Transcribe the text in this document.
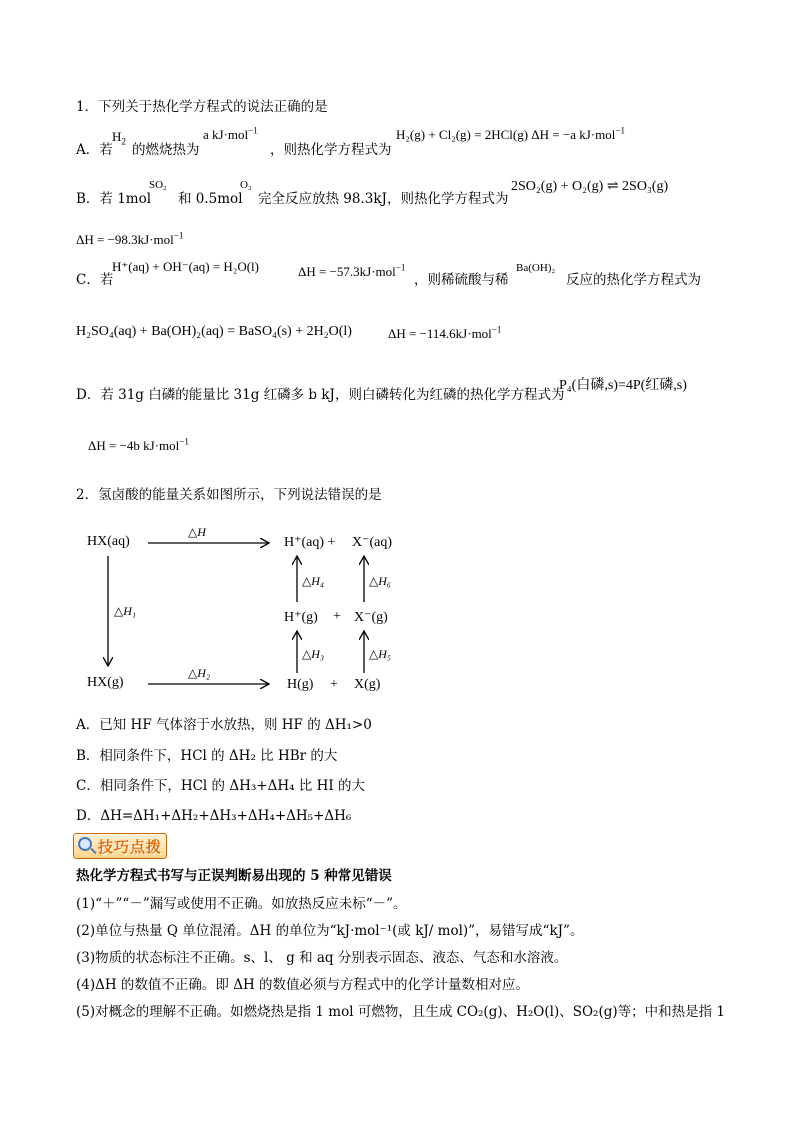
1．下列关于热化学方程式的说法正确的是
A．若
$H_2$
的燃烧热为
a kJ·mol$^{-1}$
，则热化学方程式为
H₂(g) + Cl₂(g) = 2HCl(g) ΔH = −a kJ·mol$^{-1}$
B．若 1mol
SO₂
和 0.5mol
O₂
完全反应放热 98.3kJ，则热化学方程式为
2SO₂(g) + O₂(g) ⇌ 2SO₃(g)
ΔH = −98.3kJ·mol$^{-1}$
C．若
H⁺(aq) + OH⁻(aq) = H₂O(l)	ΔH = −57.3kJ·mol$^{-1}$
，则稀硫酸与稀
Ba(OH)₂
反应的热化学方程式为
H₂SO₄(aq) + Ba(OH)₂(aq) = BaSO₄(s) + 2H₂O(l)	ΔH = −114.6kJ·mol$^{-1}$
D．若 31g 白磷的能量比 31g 红磷多 b kJ，则白磷转化为红磷的热化学方程式为
P₄(白磷,s)=4P(红磷,s)
ΔH = −4b kJ·mol$^{-1}$
2．氢卤酸的能量关系如图所示，下列说法错误的是
HX(aq)
HX(g)
H⁺(aq) + X⁻(aq)
H⁺(g) + X⁻(g)
H(g) + X(g)
△H
△H₁
△H₂
△H₃
△H₄
△H₅
△H₆
A．已知 HF 气体溶于水放热，则 HF 的 ΔH₁>0
B．相同条件下，HCl 的 ΔH₂ 比 HBr 的大
C．相同条件下，HCl 的 ΔH₃+ΔH₄ 比 HI 的大
D．ΔH=ΔH₁+ΔH₂+ΔH₃+ΔH₄+ΔH₅+ΔH₆
技巧点拨
热化学方程式书写与正误判断易出现的 5 种常见错误
(1)“＋”“－”漏写或使用不正确。如放热反应未标“－”。
(2)单位与热量 Q 单位混淆。ΔH 的单位为“kJ·mol⁻¹(或 kJ/ mol)”，易错写成“kJ”。
(3)物质的状态标注不正确。s、l、 g 和 aq 分别表示固态、液态、气态和水溶液。
(4)ΔH 的数值不正确。即 ΔH 的数值必须与方程式中的化学计量数相对应。
(5)对概念的理解不正确。如燃烧热是指 1 mol 可燃物，且生成 CO₂(g)、H₂O(l)、SO₂(g)等；中和热是指 1
